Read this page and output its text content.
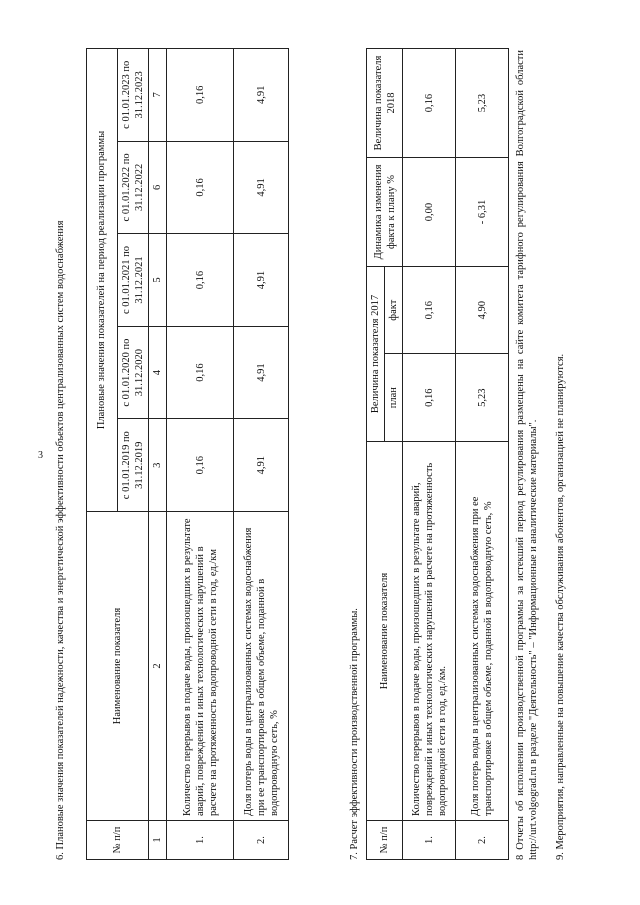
3 6. Плановые значения показателей надежности, качества и энергетической эффективности объектов централизованных систем водоснабжения	№ п/п	Наименование показателя	Плановые значения показателей на период реализации программы				
		с 01.01.2019 по 31.12.2019	с 01.01.2020 по 31.12.2020	с 01.01.2021 по 31.12.2021	с 01.01.2022 по 31.12.2022	с 01.01.2023 по 31.12.2023
1	2	3	4	5	6	7
1.	Количество перерывов в подаче воды, произошедших в результате аварий, повреждений и иных технологических нарушений в расчете на протяженность водопроводной сети в год, ед./км	0,16	0,16	0,16	0,16	0,16
2.	Доля потерь воды в централизованных системах водоснабжения при ее транспортировке в общем объеме, поданной в водопроводную сеть, %	4,91	4,91	4,91	4,91	4,91
7. Расчет эффективности производственной программы. № п/п	Наименование показателя	Величина показателя 2017		Динамика изменения факта к плану %	Величина показателя 2018
		план	факт		
1.	Количество перерывов в подаче воды, произошедших в результате аварий, повреждений и иных технологических нарушений в расчете на протяженность водопроводной сети в год, ед./км.	0,16	0,16	0,00	0,16
2.	Доля потерь воды в централизованных системах водоснабжения при ее транспортировке в общем объеме, поданной в водопроводную сеть, %	5,23	4,90	- 6,31	5,23	8 Отчеты об исполнении производственной программы за истекший период регулирования размещены на сайте комитета тарифного регулирования Волгоградской области http://urt.volgograd.ru в разделе "Деятельность" – "Информационные и аналитические материалы". 9. Мероприятия, направленные на повышение качества обслуживания абонентов, организацией не планируются.
